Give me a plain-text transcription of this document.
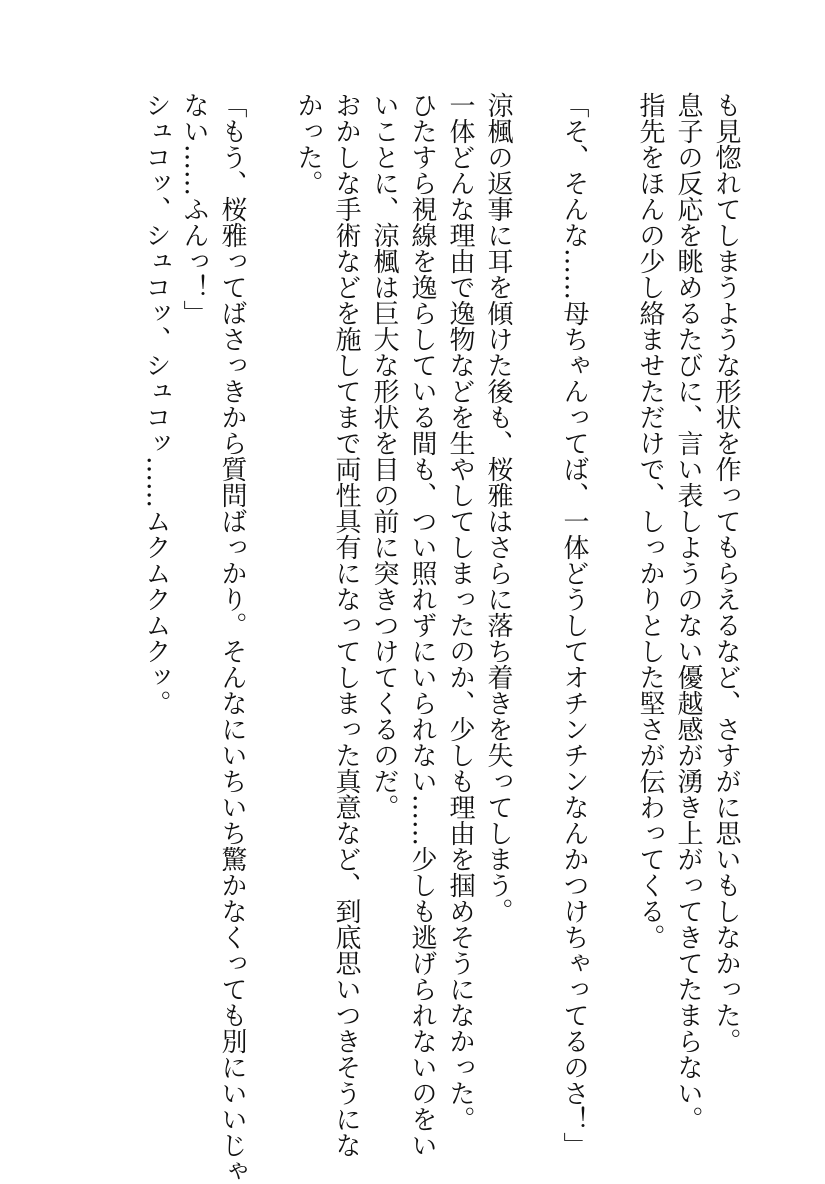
も見惚れてしまうような形状を作ってもらえるなど、さすがに思いもしなかった。
息子の反応を眺めるたびに、言い表しようのない優越感が湧き上がってきてたまらない。
指先をほんの少し絡ませただけで、しっかりとした堅さが伝わってくる。
「そ、そんな……母ちゃんってば、一体どうしてオチンチンなんかつけちゃってるのさ！」
涼楓の返事に耳を傾けた後も、桜雅はさらに落ち着きを失ってしまう。
一体どんな理由で逸物などを生やしてしまったのか、少しも理由を掴めそうになかった。
ひたすら視線を逸らしている間も、つい照れずにいられない……少しも逃げられないのをい
いことに、涼楓は巨大な形状を目の前に突きつけてくるのだ。
おかしな手術などを施してまで両性具有になってしまった真意など、到底思いつきそうにな
かった。
「もう、桜雅ってばさっきから質問ばっかり。そんなにいちいち驚かなくっても別にいいじゃ
ない……ふんっ！」
シュコッ、シュコッ、シュコッ……ムクムクムクッ。
